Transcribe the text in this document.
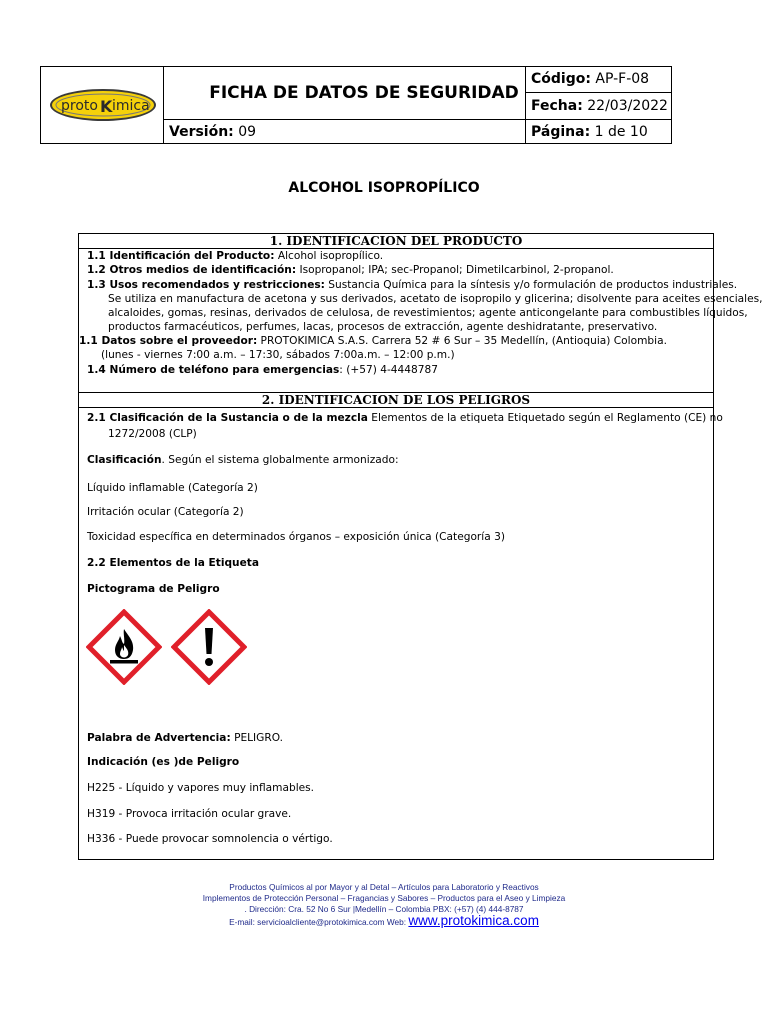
proto K imica
FICHA DE DATOS DE SEGURIDAD
Código: AP-F-08
Fecha: 22/03/2022
Versión: 09	Página: 1 de 10
ALCOHOL ISOPROPÍLICO
1. IDENTIFICACION DEL PRODUCTO
1.1 Identificación del Producto: Alcohol isopropílico.
1.2 Otros medios de identificación: Isopropanol; IPA; sec-Propanol; Dimetilcarbinol, 2-propanol.
1.3 Usos recomendados y restricciones: Sustancia Química para la síntesis y/o formulación de productos industriales.
Se utiliza en manufactura de acetona y sus derivados, acetato de isopropilo y glicerina; disolvente para aceites esenciales,
alcaloides, gomas, resinas, derivados de celulosa, de revestimientos; agente anticongelante para combustibles líquidos,
productos farmacéuticos, perfumes, lacas, procesos de extracción, agente deshidratante, preservativo.
1.1 Datos sobre el proveedor: PROTOKIMICA S.A.S. Carrera 52 # 6 Sur – 35 Medellín, (Antioquia) Colombia.
(lunes - viernes 7:00 a.m. – 17:30, sábados 7:00a.m. – 12:00 p.m.)
1.4 Número de teléfono para emergencias: (+57) 4-4448787
2. IDENTIFICACION DE LOS PELIGROS
2.1 Clasificación de la Sustancia o de la mezcla Elementos de la etiqueta Etiquetado según el Reglamento (CE) no
1272/2008 (CLP)
Clasificación. Según el sistema globalmente armonizado:
Líquido inflamable (Categoría 2)
Irritación ocular (Categoría 2)
Toxicidad específica en determinados órganos – exposición única (Categoría 3)
2.2 Elementos de la Etiqueta
Pictograma de Peligro
Palabra de Advertencia: PELIGRO.
Indicación (es )de Peligro
H225 - Líquido y vapores muy inflamables.
H319 - Provoca irritación ocular grave.
H336 - Puede provocar somnolencia o vértigo.
Productos Químicos al por Mayor y al Detal – Artículos para Laboratorio y Reactivos
Implementos de Protección Personal – Fragancias y Sabores – Productos para el Aseo y Limpieza
. Dirección: Cra. 52 No 6 Sur |Medellín – Colombia PBX: (+57) (4) 444-8787
E-mail: servicioalcliente@protokimica.com Web: www.protokimica.com
